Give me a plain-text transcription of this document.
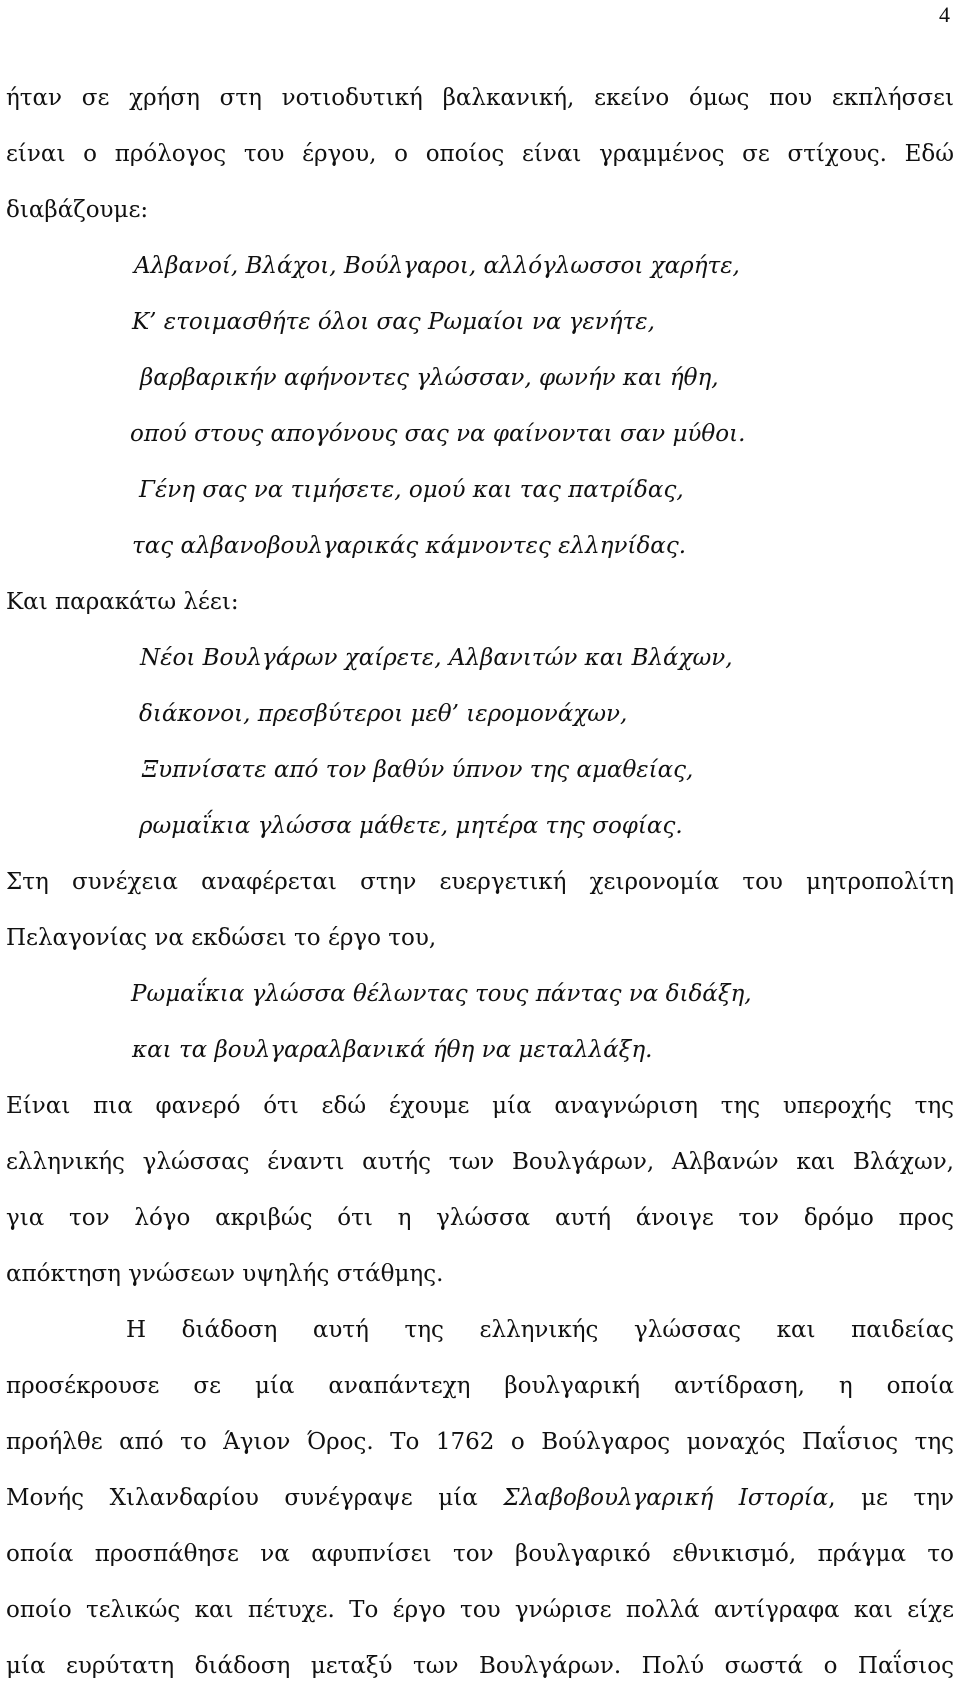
4
ήταν σε χρήση στη νοτιοδυτική βαλκανική, εκείνο όμως που εκπλήσσει
είναι ο πρόλογος του έργου, ο οποίος είναι γραμμένος σε στίχους. Εδώ
διαβάζουμε:
Αλβανοί, Βλάχοι, Βούλγαροι, αλλόγλωσσοι χαρήτε,
Κ’ ετοιμασθήτε όλοι σας Ρωμαίοι να γενήτε,
βαρβαρικήν αφήνοντες γλώσσαν, φωνήν και ήθη,
οπού στους απογόνους σας να φαίνονται σαν μύθοι.
Γένη σας να τιμήσετε, ομού και τας πατρίδας,
τας αλβανοβουλγαρικάς κάμνοντες ελληνίδας.
Και παρακάτω λέει:
Νέοι Βουλγάρων χαίρετε, Αλβανιτών και Βλάχων,
διάκονοι, πρεσβύτεροι μεθ’ ιερομονάχων,
Ξυπνίσατε από τον βαθύν ύπνον της αμαθείας,
ρωμαΐκια γλώσσα μάθετε, μητέρα της σοφίας.
Στη συνέχεια αναφέρεται στην ευεργετική χειρονομία του μητροπολίτη
Πελαγονίας να εκδώσει το έργο του,
Ρωμαΐκια γλώσσα θέλωντας τους πάντας να διδάξη,
και τα βουλγαραλβανικά ήθη να μεταλλάξη.
Είναι πια φανερό ότι εδώ έχουμε μία αναγνώριση της υπεροχής της
ελληνικής γλώσσας έναντι αυτής των Βουλγάρων, Αλβανών και Βλάχων,
για τον λόγο ακριβώς ότι η γλώσσα αυτή άνοιγε τον δρόμο προς
απόκτηση γνώσεων υψηλής στάθμης.
Η διάδοση αυτή της ελληνικής γλώσσας και παιδείας
προσέκρουσε σε μία αναπάντεχη βουλγαρική αντίδραση, η οποία
προήλθε από το Άγιον Όρος. Το 1762 ο Βούλγαρος μοναχός Παΐσιος της
Μονής Χιλανδαρίου συνέγραψε μία Σλαβοβουλγαρική Ιστορία, με την
οποία προσπάθησε να αφυπνίσει τον βουλγαρικό εθνικισμό, πράγμα το
οποίο τελικώς και πέτυχε. Το έργο του γνώρισε πολλά αντίγραφα και είχε
μία ευρύτατη διάδοση μεταξύ των Βουλγάρων. Πολύ σωστά ο Παΐσιος
